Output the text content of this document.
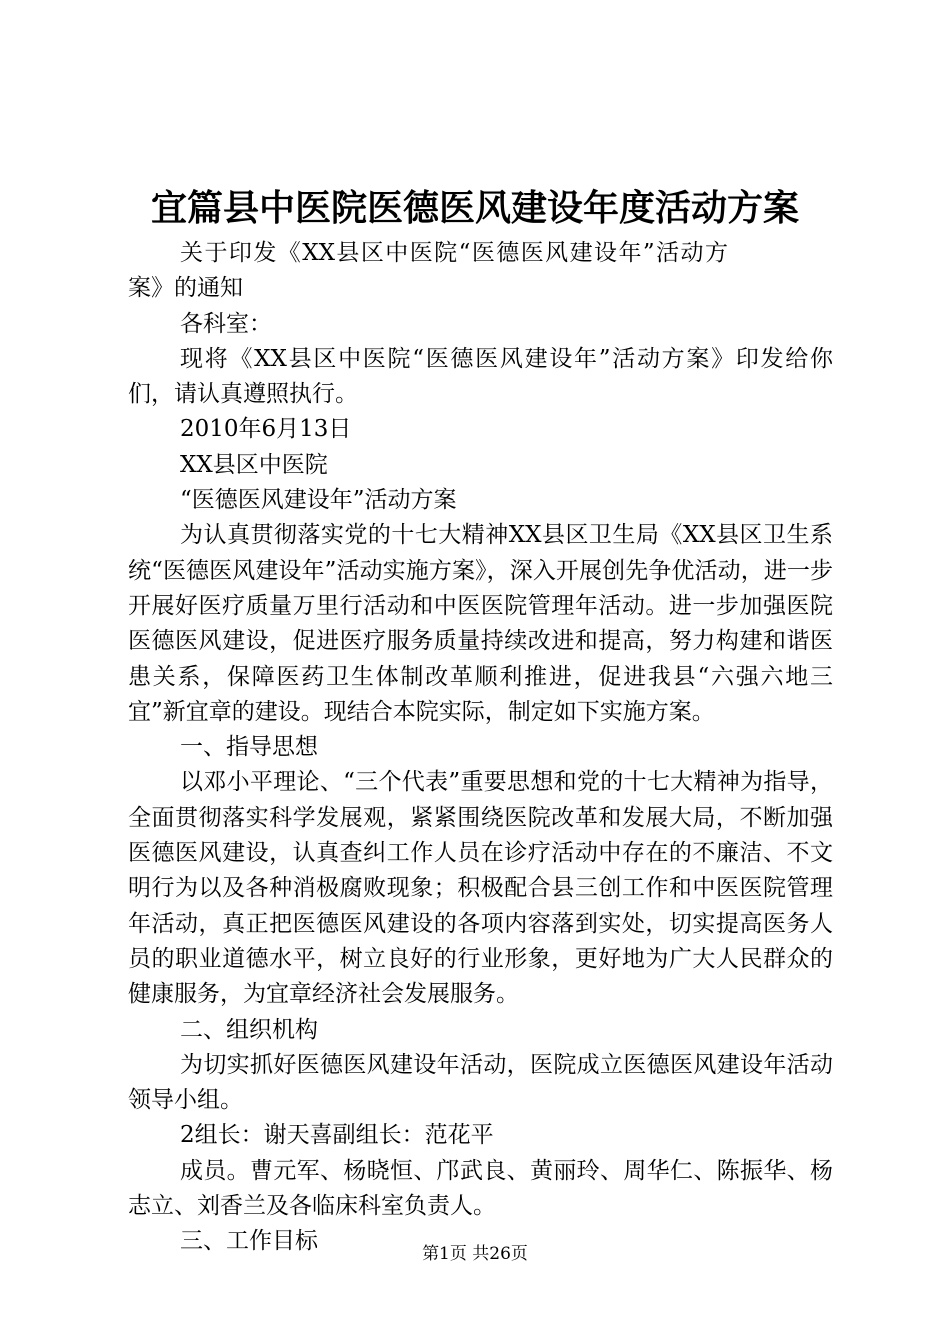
宜篇县中医院医德医风建设年度活动方案

关于印发《XX县区中医院“医德医风建设年”活动方案》的通知

各科室：

现将《XX县区中医院“医德医风建设年”活动方案》印发给你们，请认真遵照执行。

2010年6月13日

XX县区中医院

“医德医风建设年”活动方案

为认真贯彻落实党的十七大精神XX县区卫生局《XX县区卫生系统“医德医风建设年”活动实施方案》，深入开展创先争优活动，进一步开展好医疗质量万里行活动和中医医院管理年活动。进一步加强医院医德医风建设，促进医疗服务质量持续改进和提高，努力构建和谐医患关系，保障医药卫生体制改革顺利推进，促进我县“六强六地三宜”新宜章的建设。现结合本院实际，制定如下实施方案。

一、指导思想

以邓小平理论、“三个代表”重要思想和党的十七大精神为指导，全面贯彻落实科学发展观，紧紧围绕医院改革和发展大局，不断加强医德医风建设，认真查纠工作人员在诊疗活动中存在的不廉洁、不文明行为以及各种消极腐败现象；积极配合县三创工作和中医医院管理年活动，真正把医德医风建设的各项内容落到实处，切实提高医务人员的职业道德水平，树立良好的行业形象，更好地为广大人民群众的健康服务，为宜章经济社会发展服务。

二、组织机构

为切实抓好医德医风建设年活动，医院成立医德医风建设年活动领导小组。

2组长：谢天喜副组长：范花平

成员。曹元军、杨晓恒、邝武良、黄丽玲、周华仁、陈振华、杨志立、刘香兰及各临床科室负责人。

三、工作目标	第1页 共26页
